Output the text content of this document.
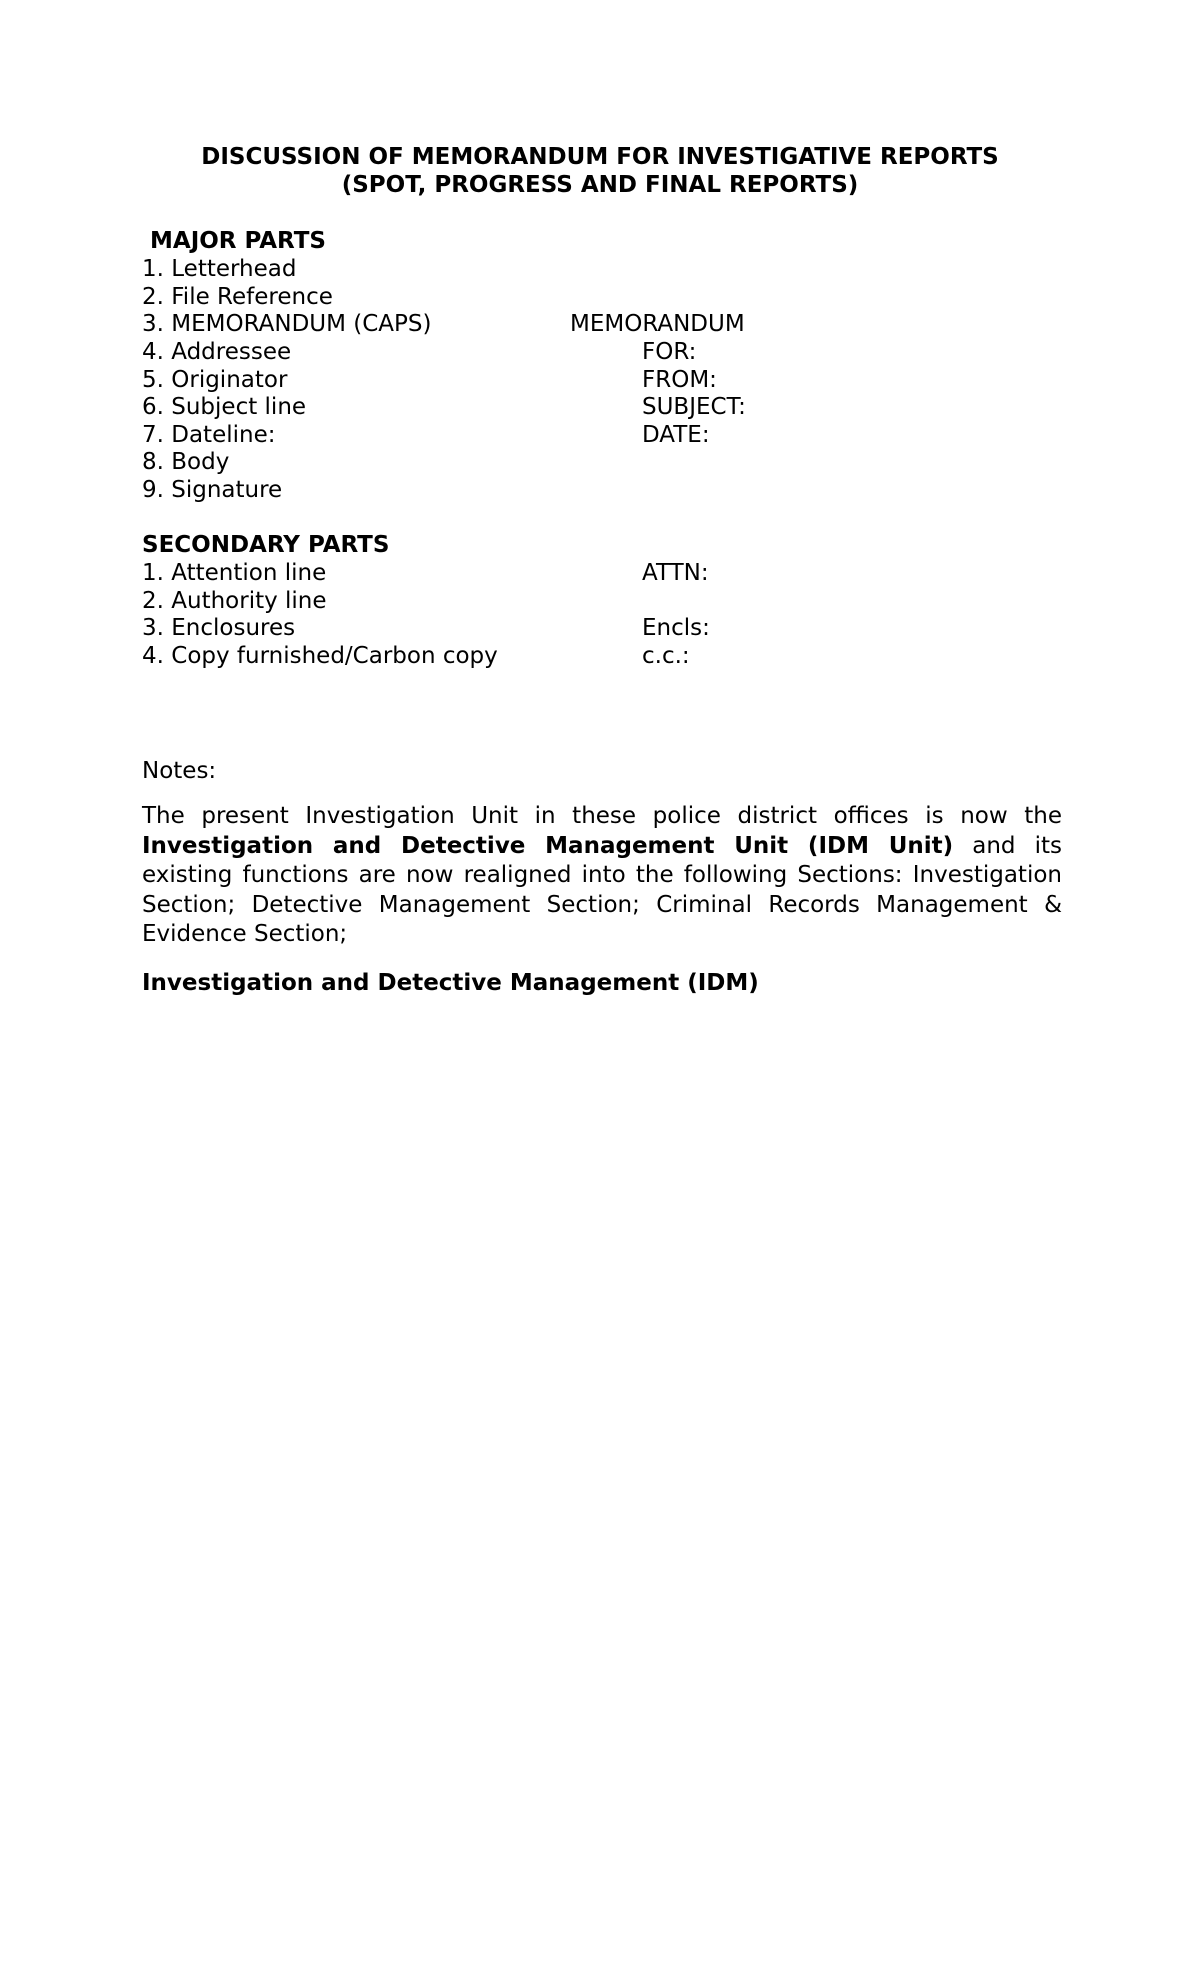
DISCUSSION OF MEMORANDUM FOR INVESTIGATIVE REPORTS
(SPOT, PROGRESS AND FINAL REPORTS)
MAJOR PARTS
1. Letterhead
2. File Reference
3. MEMORANDUM (CAPS)	MEMORANDUM
4. Addressee	FOR:
5. Originator	FROM:
6. Subject line	SUBJECT:
7. Dateline:	DATE:
8. Body
9. Signature
SECONDARY PARTS
1. Attention line	ATTN:
2. Authority line
3. Enclosures	Encls:
4. Copy furnished/Carbon copy	c.c.:
Notes:
The present Investigation Unit in these police district offices is now the Investigation and Detective Management Unit (IDM Unit) and its existing functions are now realigned into the following Sections: Investigation Section; Detective Management Section; Criminal Records Management & Evidence Section;
Investigation and Detective Management (IDM)
